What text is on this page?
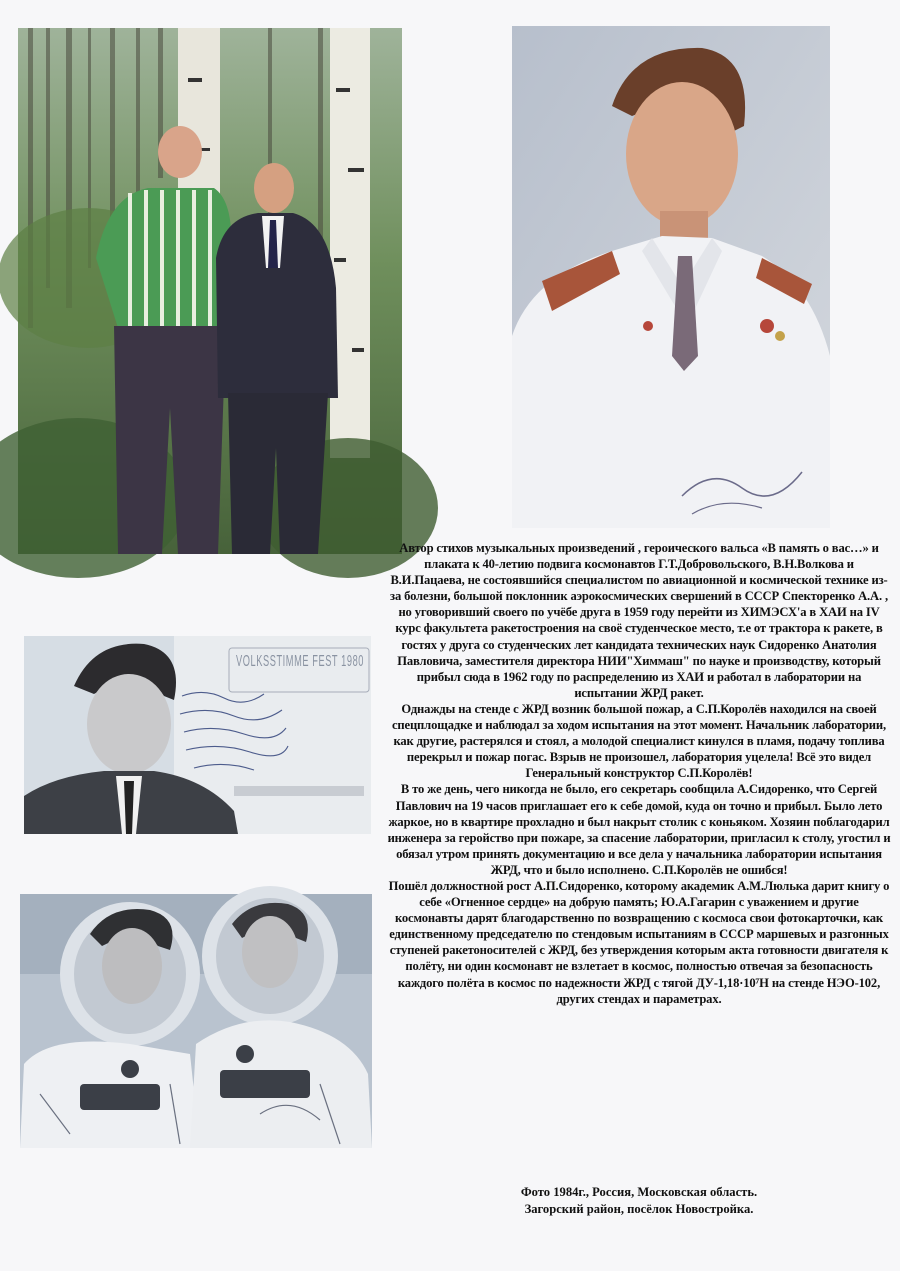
VOLKSSTIMME FEST 1980

Автор стихов музыкальных произведений , героического вальса «В память о вас…» и плаката к 40-летию подвига космонавтов Г.Т.Добровольского, В.Н.Волкова и В.И.Пацаева, не состоявшийся специалистом по авиационной и космической технике из-за болезни, большой поклонник аэрокосмических свершений в СССР Спекторенко А.А. , но уговоривший своего по учёбе друга в 1959 году перейти из ХИМЭСХ'а в ХАИ на IV курс факультета ракетостроения на своё студенческое место, т.е от трактора к ракете, в гостях у друга со студенческих лет кандидата технических наук Сидоренко Анатолия Павловича, заместителя директора НИИ"Химмаш" по науке и производству, который прибыл сюда в 1962 году по распределению из ХАИ и работал в лаборатории на испытании ЖРД ракет.

Однажды на стенде с ЖРД возник большой пожар, а С.П.Королёв находился на своей спецплощадке и наблюдал за ходом испытания на этот момент. Начальник лаборатории, как другие, растерялся и стоял, а молодой специалист кинулся в пламя, подачу топлива перекрыл и пожар погас. Взрыв не произошел, лаборатория уцелела! Всё это видел Генеральный конструктор С.П.Королёв!

В то же день, чего никогда не было, его секретарь сообщила А.Сидоренко, что Сергей Павлович на 19 часов приглашает его к себе домой, куда он точно и прибыл. Было лето жаркое, но в квартире прохладно и был накрыт столик с коньяком. Хозяин поблагодарил инженера за геройство при пожаре, за спасение лаборатории, пригласил к столу, угостил и обязал утром принять документацию и все дела у начальника лаборатории испытания ЖРД, что и было исполнено. С.П.Королёв не ошибся!

Пошёл должностной рост А.П.Сидоренко, которому академик А.М.Люлька дарит книгу о себе «Огненное сердце» на добрую память; Ю.А.Гагарин с уважением и другие космонавты дарят благодарственно по возвращению с космоса свои фотокарточки, как единственному председателю по стендовым испытаниям в СССР маршевых и разгонных ступеней ракетоносителей с ЖРД, без утверждения которым акта готовности двигателя к полёту, ни один космонавт не взлетает в космос, полностью отвечая за безопасность каждого полёта в космос по надежности ЖРД с тягой ДУ-1,18·10⁷Н на стенде НЭО-102, других стендах и параметрах.

Фото 1984г., Россия, Московская область.

Загорский район, посёлок Новостройка.
